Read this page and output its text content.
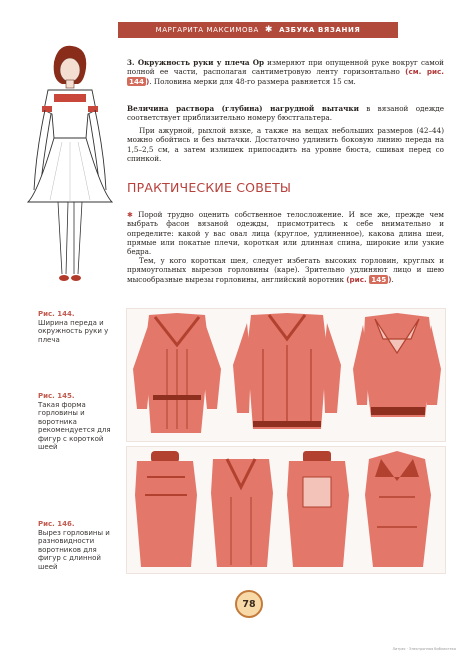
МАРГАРИТА МАКСИМОВА ✱ АЗБУКА ВЯЗАНИЯ
3. Окружность руки у плеча Ор измеряют при опущенной руке вокруг самой полной ее части, располагая сантиметровую ленту горизонтально (см. рис. 144 ). Половина мерки для 48-го размера равняется 15 см.
Величина раствора (глубина) нагрудной вытачки в вязаной одежде соответствует приблизительно номеру бюстгальтера.
При ажурной, рыхлой вязке, а также на вещах небольших размеров (42–44) можно обойтись и без вытачки. Достаточно удлинить боковую линию переда на 1,5–2,5 см, а затем излишек припосадить на уровне бюста, сшивая перед со спинкой.
ПРАКТИЧЕСКИЕ СОВЕТЫ
✱ Порой трудно оценить собственное телосложение. И все же, прежде чем выбрать фасон вязаной одежды, присмотритесь к себе внимательно и определите: какой у вас овал лица (круглое, удлиненное), какова длина шеи, прямые или покатые плечи, короткая или длинная спина, широкие или узкие бедра.
Тем, у кого короткая шея, следует избегать высоких горловин, круглых и прямоугольных вырезов горловины (каре). Зрительно удлиняют лицо и шею мысообразные вырезы горловины, английский воротник (рис. 145 ).
Рис. 144.
Ширина переда и окружность руки у плеча
Рис. 145.
Такая форма горловины и воротника рекомендуется для фигур с короткой шеей
Рис. 146.
Вырез горловины и разновидности воротников для фигур с длинной шеей
78
Литрес · Электронная библиотека
